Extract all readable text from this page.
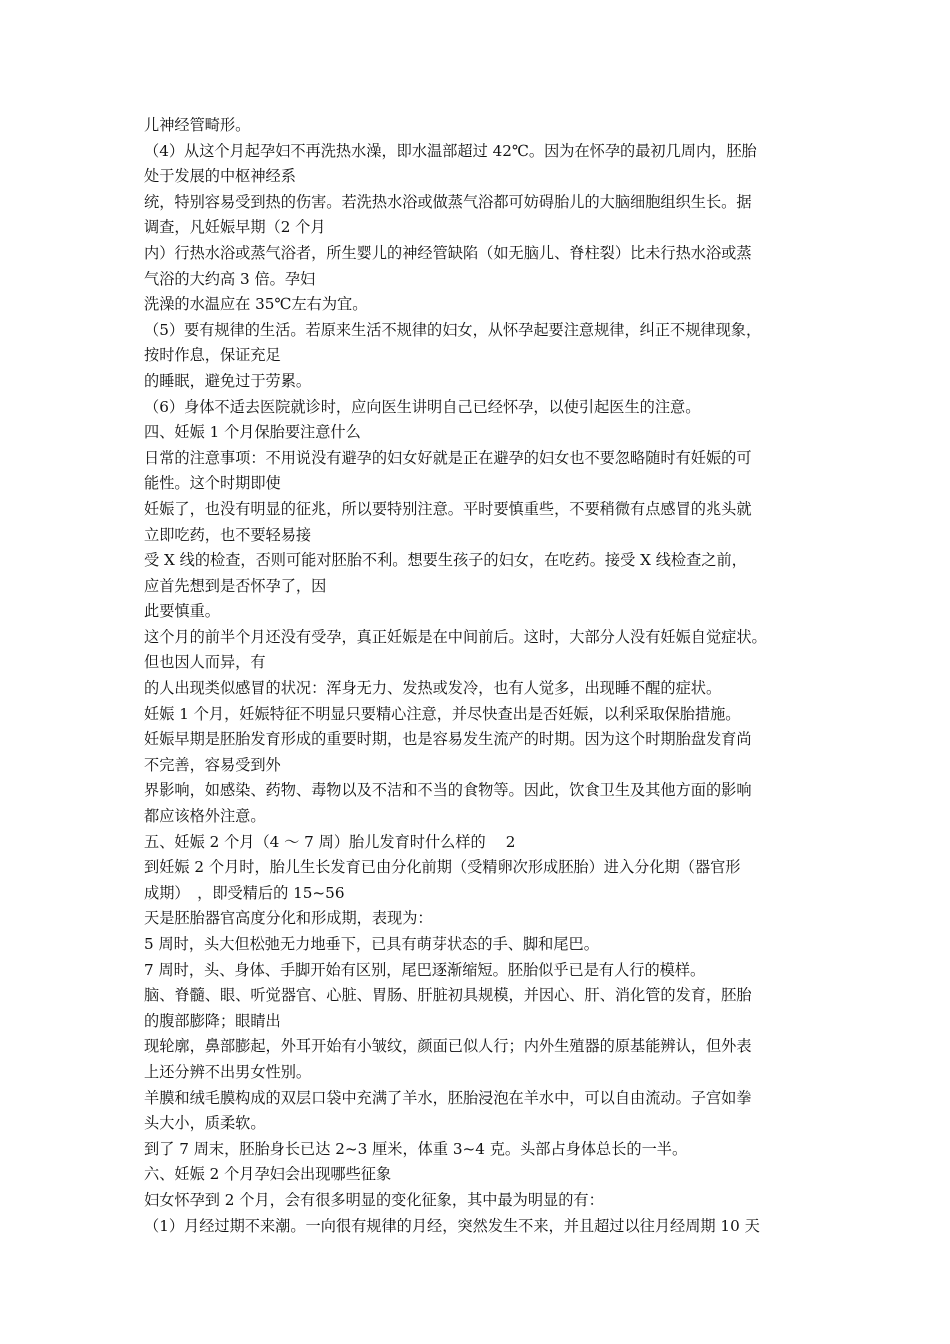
儿神经管畸形。
（4）从这个月起孕妇不再洗热水澡，即水温部超过 42℃。因为在怀孕的最初几周内，胚胎
处于发展的中枢神经系
统，特别容易受到热的伤害。若洗热水浴或做蒸气浴都可妨碍胎儿的大脑细胞组织生长。据
调查，凡妊娠早期（2 个月
内）行热水浴或蒸气浴者，所生婴儿的神经管缺陷（如无脑儿、脊柱裂）比未行热水浴或蒸
气浴的大约高 3 倍。孕妇
洗澡的水温应在 35℃左右为宜。
（5）要有规律的生活。若原来生活不规律的妇女，从怀孕起要注意规律，纠正不规律现象，
按时作息，保证充足
的睡眠，避免过于劳累。
（6）身体不适去医院就诊时，应向医生讲明自己已经怀孕，以使引起医生的注意。
四、妊娠 1 个月保胎要注意什么
日常的注意事项：不用说没有避孕的妇女好就是正在避孕的妇女也不要忽略随时有妊娠的可
能性。这个时期即使
妊娠了，也没有明显的征兆，所以要特别注意。平时要慎重些，不要稍微有点感冒的兆头就
立即吃药，也不要轻易接
受 X 线的检查，否则可能对胚胎不利。想要生孩子的妇女，在吃药。接受 X 线检查之前，
应首先想到是否怀孕了，因
此要慎重。
这个月的前半个月还没有受孕，真正妊娠是在中间前后。这时，大部分人没有妊娠自觉症状。
但也因人而异，有
的人出现类似感冒的状况：浑身无力、发热或发冷，也有人觉多，出现睡不醒的症状。
妊娠 1 个月，妊娠特征不明显只要精心注意，并尽快查出是否妊娠，以利采取保胎措施。
妊娠早期是胚胎发育形成的重要时期，也是容易发生流产的时期。因为这个时期胎盘发育尚
不完善，容易受到外
界影响，如感染、药物、毒物以及不洁和不当的食物等。因此，饮食卫生及其他方面的影响
都应该格外注意。
五、妊娠 2 个月（4 ～ 7 周）胎儿发育时什么样的　 2
到妊娠 2 个月时，胎儿生长发育已由分化前期（受精卵次形成胚胎）进入分化期（器官形
成期）　，即受精后的 15~56
天是胚胎器官高度分化和形成期，表现为：
5 周时，头大但松弛无力地垂下，已具有萌芽状态的手、脚和尾巴。
7 周时，头、身体、手脚开始有区别，尾巴逐渐缩短。胚胎似乎已是有人行的模样。
脑、脊髓、眼、听觉器官、心脏、胃肠、肝脏初具规模，并因心、肝、消化管的发育，胚胎
的腹部膨降；眼睛出
现轮廓，鼻部膨起，外耳开始有小皱纹，颜面已似人行；内外生殖器的原基能辨认，但外表
上还分辨不出男女性别。
羊膜和绒毛膜构成的双层口袋中充满了羊水，胚胎浸泡在羊水中，可以自由流动。子宫如拳
头大小，质柔软。
到了 7 周末，胚胎身长已达 2~3 厘米，体重 3~4 克。头部占身体总长的一半。
六、妊娠 2 个月孕妇会出现哪些征象
妇女怀孕到 2 个月，会有很多明显的变化征象，其中最为明显的有：
（1）月经过期不来潮。一向很有规律的月经，突然发生不来，并且超过以往月经周期 10 天
